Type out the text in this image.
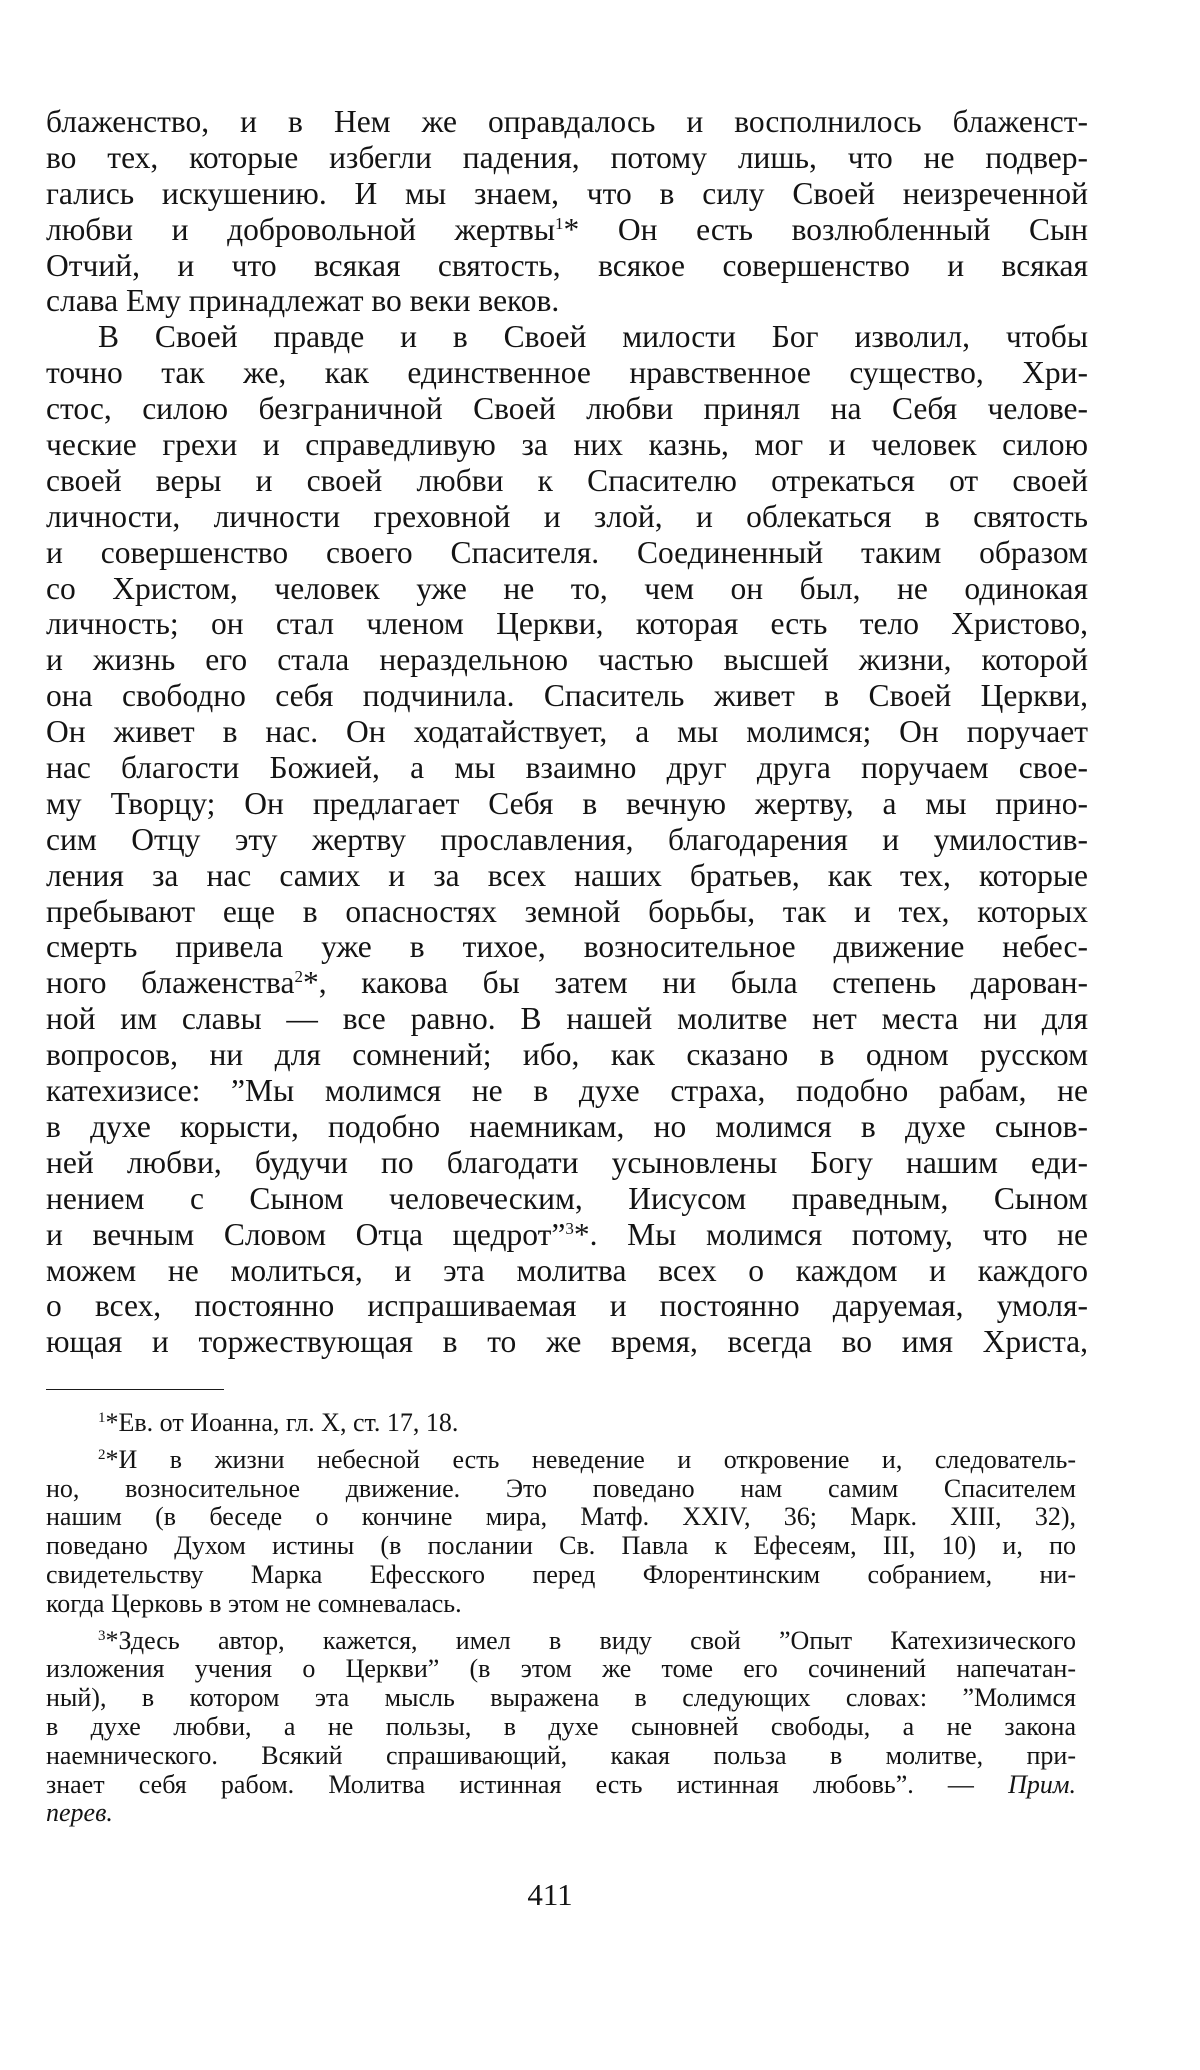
блаженство, и в Нем же оправдалось и восполнилось блаженст-
во тех, которые избегли падения, потому лишь, что не подвер-
гались искушению. И мы знаем, что в силу Своей неизреченной
любви и добровольной жертвы$^1$* Он есть возлюбленный Сын
Отчий, и что всякая святость, всякое совершенство и всякая
слава Ему принадлежат во веки веков.
В Своей правде и в Своей милости Бог изволил, чтобы
точно так же, как единственное нравственное существо, Хри-
стос, силою безграничной Своей любви принял на Себя челове-
ческие грехи и справедливую за них казнь, мог и человек силою
своей веры и своей любви к Спасителю отрекаться от своей
личности, личности греховной и злой, и облекаться в святость
и совершенство своего Спасителя. Соединенный таким образом
со Христом, человек уже не то, чем он был, не одинокая
личность; он стал членом Церкви, которая есть тело Христово,
и жизнь его стала нераздельною частью высшей жизни, которой
она свободно себя подчинила. Спаситель живет в Своей Церкви,
Он живет в нас. Он ходатайствует, а мы молимся; Он поручает
нас благости Божией, а мы взаимно друг друга поручаем свое-
му Творцу; Он предлагает Себя в вечную жертву, а мы прино-
сим Отцу эту жертву прославления, благодарения и умилостив-
ления за нас самих и за всех наших братьев, как тех, которые
пребывают еще в опасностях земной борьбы, так и тех, которых
смерть привела уже в тихое, возносительное движение небес-
ного блаженства$^2$*, какова бы затем ни была степень дарован-
ной им славы — все равно. В нашей молитве нет места ни для
вопросов, ни для сомнений; ибо, как сказано в одном русском
катехизисе: ”Мы молимся не в духе страха, подобно рабам, не
в духе корысти, подобно наемникам, но молимся в духе сынов-
ней любви, будучи по благодати усыновлены Богу нашим еди-
нением с Сыном человеческим, Иисусом праведным, Сыном
и вечным Словом Отца щедрот”$^3$*. Мы молимся потому, что не
можем не молиться, и эта молитва всех о каждом и каждого
о всех, постоянно испрашиваемая и постоянно даруемая, умоля-
ющая и торжествующая в то же время, всегда во имя Христа,
$^1$*Ев. от Иоанна, гл. X, ст. 17, 18.
$^2$*И в жизни небесной есть неведение и откровение и, следователь-
но, возносительное движение. Это поведано нам самим Спасителем
нашим (в беседе о кончине мира, Матф. XXIV, 36; Марк. XIII, 32),
поведано Духом истины (в послании Св. Павла к Ефесеям, III, 10) и, по
свидетельству Марка Ефесского перед Флорентинским собранием, ни-
когда Церковь в этом не сомневалась.
$^3$*Здесь автор, кажется, имел в виду свой ”Опыт Катехизического
изложения учения о Церкви” (в этом же томе его сочинений напечатан-
ный), в котором эта мысль выражена в следующих словах: ”Молимся
в духе любви, а не пользы, в духе сыновней свободы, а не закона
наемнического. Всякий спрашивающий, какая польза в молитве, при-
знает себя рабом. Молитва истинная есть истинная любовь”. — Прим.
перев.
411
